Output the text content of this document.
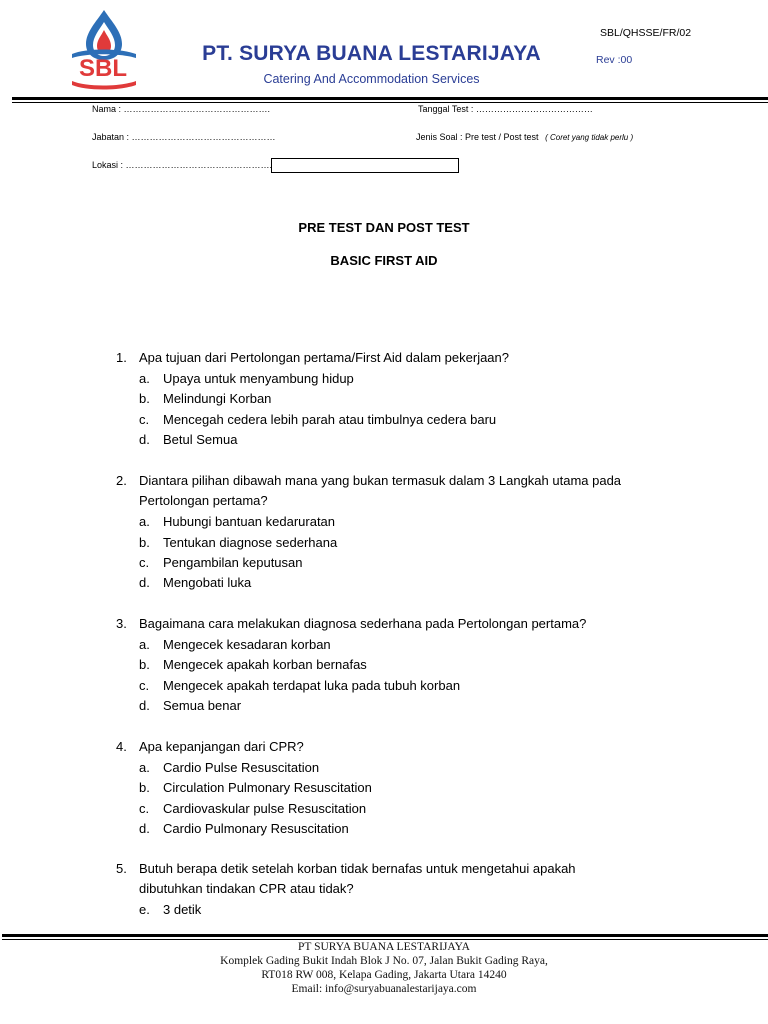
SBL
PT. SURYA BUANA LESTARIJAYA
Catering And Accommodation Services
SBL/QHSSE/FR/02
Rev :00
Nama : ………………………………………….	Tanggal Test : …………………………………
Jabatan : …………………………………………	Jenis Soal : Pre test / Post test ( Coret yang tidak perlu )
Lokasi : ………………………………………….
PRE TEST DAN POST TEST
BASIC FIRST AID
1. Apa tujuan dari Pertolongan pertama/First Aid dalam pekerjaan?
a. Upaya untuk menyambung hidup
b. Melindungi Korban
c. Mencegah cedera lebih parah atau timbulnya cedera baru
d. Betul Semua
2. Diantara pilihan dibawah mana yang bukan termasuk dalam 3 Langkah utama pada
Pertolongan pertama?
a. Hubungi bantuan kedaruratan
b. Tentukan diagnose sederhana
c. Pengambilan keputusan
d. Mengobati luka
3. Bagaimana cara melakukan diagnosa sederhana pada Pertolongan pertama?
a. Mengecek kesadaran korban
b. Mengecek apakah korban bernafas
c. Mengecek apakah terdapat luka pada tubuh korban
d. Semua benar
4. Apa kepanjangan dari CPR?
a. Cardio Pulse Resuscitation
b. Circulation Pulmonary Resuscitation
c. Cardiovaskular pulse Resuscitation
d. Cardio Pulmonary Resuscitation
5. Butuh berapa detik setelah korban tidak bernafas untuk mengetahui apakah
dibutuhkan tindakan CPR atau tidak?
e. 3 detik
PT SURYA BUANA LESTARIJAYA
Komplek Gading Bukit Indah Blok J No. 07, Jalan Bukit Gading Raya,
RT018 RW 008, Kelapa Gading, Jakarta Utara 14240
Email: info@suryabuanalestarijaya.com
